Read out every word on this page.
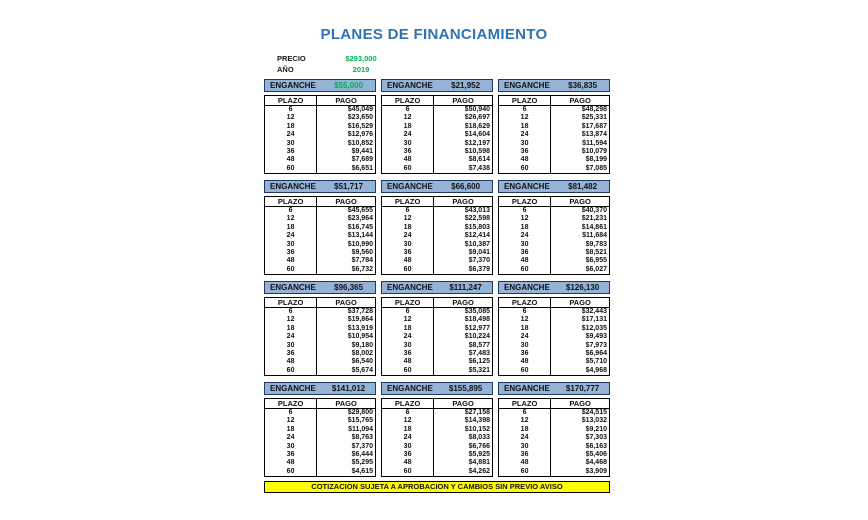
PLANES DE FINANCIAMIENTO
PRECIO	$293,000
AÑO	2019
ENGANCHE	$55,000
PLAZO	PAGO
6	$45,049
12	$23,650
18	$16,529
24	$12,976
30	$10,852
36	$9,441
48	$7,689
60	$6,651
ENGANCHE	$21,952
PLAZO	PAGO
6	$50,940
12	$26,697
18	$18,629
24	$14,604
30	$12,197
36	$10,598
48	$8,614
60	$7,438
ENGANCHE	$36,835
PLAZO	PAGO
6	$48,298
12	$25,331
18	$17,687
24	$13,874
30	$11,594
36	$10,079
48	$8,199
60	$7,085
ENGANCHE	$51,717
PLAZO	PAGO
6	$45,655
12	$23,964
18	$16,745
24	$13,144
30	$10,990
36	$9,560
48	$7,784
60	$6,732
ENGANCHE	$66,600
PLAZO	PAGO
6	$43,013
12	$22,598
18	$15,803
24	$12,414
30	$10,387
36	$9,041
48	$7,370
60	$6,379
ENGANCHE	$81,482
PLAZO	PAGO
6	$40,370
12	$21,231
18	$14,861
24	$11,684
30	$9,783
36	$8,521
48	$6,955
60	$6,027
ENGANCHE	$96,365
PLAZO	PAGO
6	$37,728
12	$19,864
18	$13,919
24	$10,954
30	$9,180
36	$8,002
48	$6,540
60	$5,674
ENGANCHE	$111,247
PLAZO	PAGO
6	$35,085
12	$18,498
18	$12,977
24	$10,224
30	$8,577
36	$7,483
48	$6,125
60	$5,321
ENGANCHE	$126,130
PLAZO	PAGO
6	$32,443
12	$17,131
18	$12,035
24	$9,493
30	$7,973
36	$6,964
48	$5,710
60	$4,968
ENGANCHE	$141,012
PLAZO	PAGO
6	$29,800
12	$15,765
18	$11,094
24	$8,763
30	$7,370
36	$6,444
48	$5,295
60	$4,615
ENGANCHE	$155,895
PLAZO	PAGO
6	$27,158
12	$14,398
18	$10,152
24	$8,033
30	$6,766
36	$5,925
48	$4,881
60	$4,262
ENGANCHE	$170,777
PLAZO	PAGO
6	$24,515
12	$13,032
18	$9,210
24	$7,303
30	$6,163
36	$5,406
48	$4,468
60	$3,909
COTIZACION SUJETA A APROBACION Y CAMBIOS SIN PREVIO AVISO
